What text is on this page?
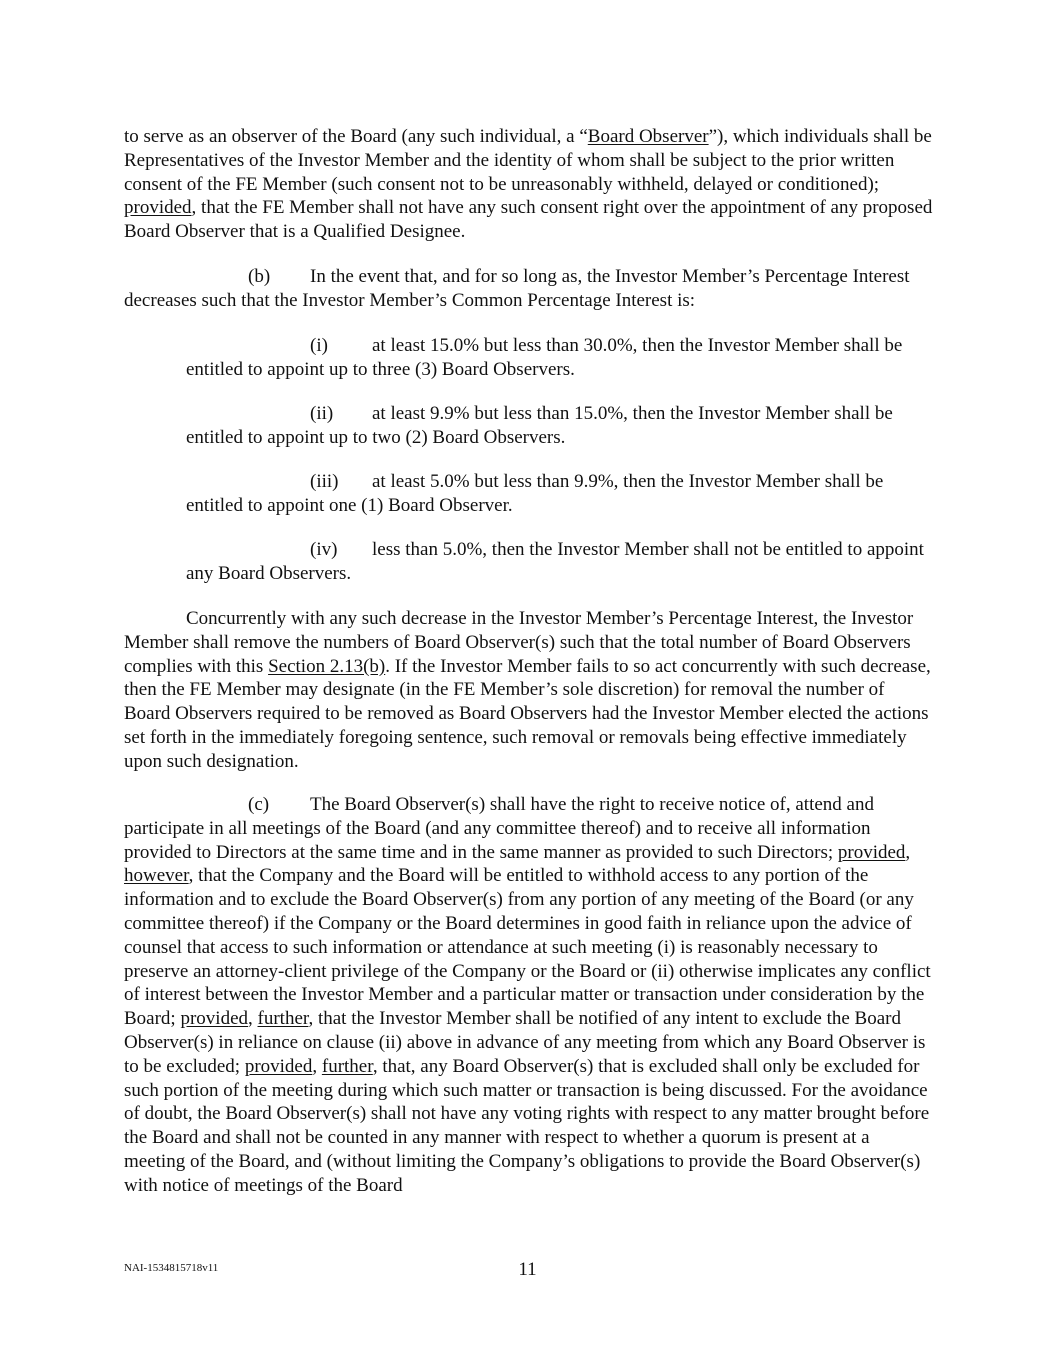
to serve as an observer of the Board (any such individual, a “Board Observer”), which individuals shall be Representatives of the Investor Member and the identity of whom shall be subject to the prior written consent of the FE Member (such consent not to be unreasonably withheld, delayed or conditioned); provided, that the FE Member shall not have any such consent right over the appointment of any proposed Board Observer that is a Qualified Designee.

(b) In the event that, and for so long as, the Investor Member’s Percentage Interest decreases such that the Investor Member’s Common Percentage Interest is:

(i) at least 15.0% but less than 30.0%, then the Investor Member shall be entitled to appoint up to three (3) Board Observers.

(ii) at least 9.9% but less than 15.0%, then the Investor Member shall be entitled to appoint up to two (2) Board Observers.

(iii) at least 5.0% but less than 9.9%, then the Investor Member shall be entitled to appoint one (1) Board Observer.

(iv) less than 5.0%, then the Investor Member shall not be entitled to appoint any Board Observers.

Concurrently with any such decrease in the Investor Member’s Percentage Interest, the Investor Member shall remove the numbers of Board Observer(s) such that the total number of Board Observers complies with this Section 2.13(b). If the Investor Member fails to so act concurrently with such decrease, then the FE Member may designate (in the FE Member’s sole discretion) for removal the number of Board Observers required to be removed as Board Observers had the Investor Member elected the actions set forth in the immediately foregoing sentence, such removal or removals being effective immediately upon such designation.

(c) The Board Observer(s) shall have the right to receive notice of, attend and participate in all meetings of the Board (and any committee thereof) and to receive all information provided to Directors at the same time and in the same manner as provided to such Directors; provided, however, that the Company and the Board will be entitled to withhold access to any portion of the information and to exclude the Board Observer(s) from any portion of any meeting of the Board (or any committee thereof) if the Company or the Board determines in good faith in reliance upon the advice of counsel that access to such information or attendance at such meeting (i) is reasonably necessary to preserve an attorney-client privilege of the Company or the Board or (ii) otherwise implicates any conflict of interest between the Investor Member and a particular matter or transaction under consideration by the Board; provided, further, that the Investor Member shall be notified of any intent to exclude the Board Observer(s) in reliance on clause (ii) above in advance of any meeting from which any Board Observer is to be excluded; provided, further, that, any Board Observer(s) that is excluded shall only be excluded for such portion of the meeting during which such matter or transaction is being discussed. For the avoidance of doubt, the Board Observer(s) shall not have any voting rights with respect to any matter brought before the Board and shall not be counted in any manner with respect to whether a quorum is present at a meeting of the Board, and (without limiting the Company’s obligations to provide the Board Observer(s) with notice of meetings of the Board

NAI-1534815718v11	11
